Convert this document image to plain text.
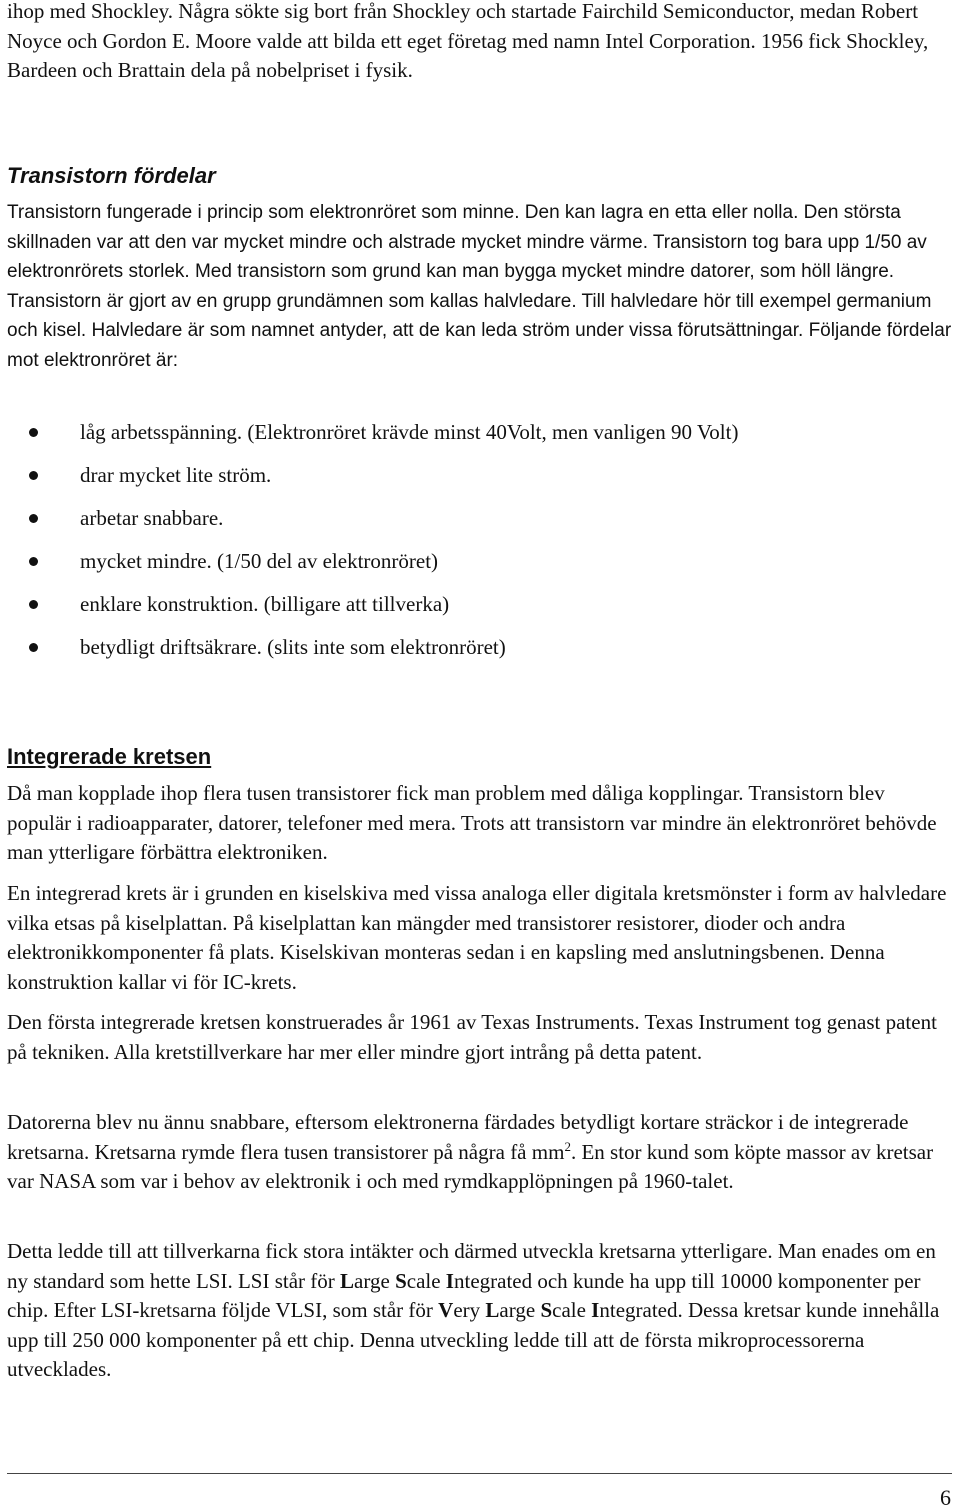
ihop med Shockley. Några sökte sig bort från Shockley och startade Fairchild Semiconductor, medan Robert Noyce och Gordon E. Moore valde att bilda ett eget företag med namn Intel Corporation. 1956 fick Shockley, Bardeen och Brattain dela på nobelpriset i fysik.

Transistorn fördelar

Transistorn fungerade i princip som elektronröret som minne. Den kan lagra en etta eller nolla. Den största skillnaden var att den var mycket mindre och alstrade mycket mindre värme. Transistorn tog bara upp 1/50 av elektronrörets storlek. Med transistorn som grund kan man bygga mycket mindre datorer, som höll längre. Transistorn är gjort av en grupp grundämnen som kallas halvledare. Till halvledare hör till exempel germanium och kisel. Halvledare är som namnet antyder, att de kan leda ström under vissa förutsättningar. Följande fördelar mot elektronröret är:

låg arbetsspänning. (Elektronröret krävde minst 40Volt, men vanligen 90 Volt)
drar mycket lite ström.
arbetar snabbare.
mycket mindre. (1/50 del av elektronröret)
enklare konstruktion. (billigare att tillverka)
betydligt driftsäkrare. (slits inte som elektronröret)
Integrerade kretsen

Då man kopplade ihop flera tusen transistorer fick man problem med dåliga kopplingar. Transistorn blev populär i radioapparater, datorer, telefoner med mera. Trots att transistorn var mindre än elektronröret behövde man ytterligare förbättra elektroniken.

En integrerad krets är i grunden en kiselskiva med vissa analoga eller digitala kretsmönster i form av halvledare vilka etsas på kiselplattan. På kiselplattan kan mängder med transistorer resistorer, dioder och andra elektronikkomponenter få plats. Kiselskivan monteras sedan i en kapsling med anslutningsbenen. Denna konstruktion kallar vi för IC-krets.

Den första integrerade kretsen konstruerades år 1961 av Texas Instruments. Texas Instrument tog genast patent på tekniken. Alla kretstillverkare har mer eller mindre gjort intrång på detta patent.

Datorerna blev nu ännu snabbare, eftersom elektronerna färdades betydligt kortare sträckor i de integrerade kretsarna. Kretsarna rymde flera tusen transistorer på några få $mm^2$. En stor kund som köpte massor av kretsar var NASA som var i behov av elektronik i och med rymdkapplöpningen på 1960-talet.

Detta ledde till att tillverkarna fick stora intäkter och därmed utveckla kretsarna ytterligare. Man enades om en ny standard som hette LSI. LSI står för Large Scale Integrated och kunde ha upp till 10000 komponenter per chip. Efter LSI-kretsarna följde VLSI, som står för Very Large Scale Integrated. Dessa kretsar kunde innehålla upp till 250 000 komponenter på ett chip. Denna utveckling ledde till att de första mikroprocessorerna utvecklades.

6
